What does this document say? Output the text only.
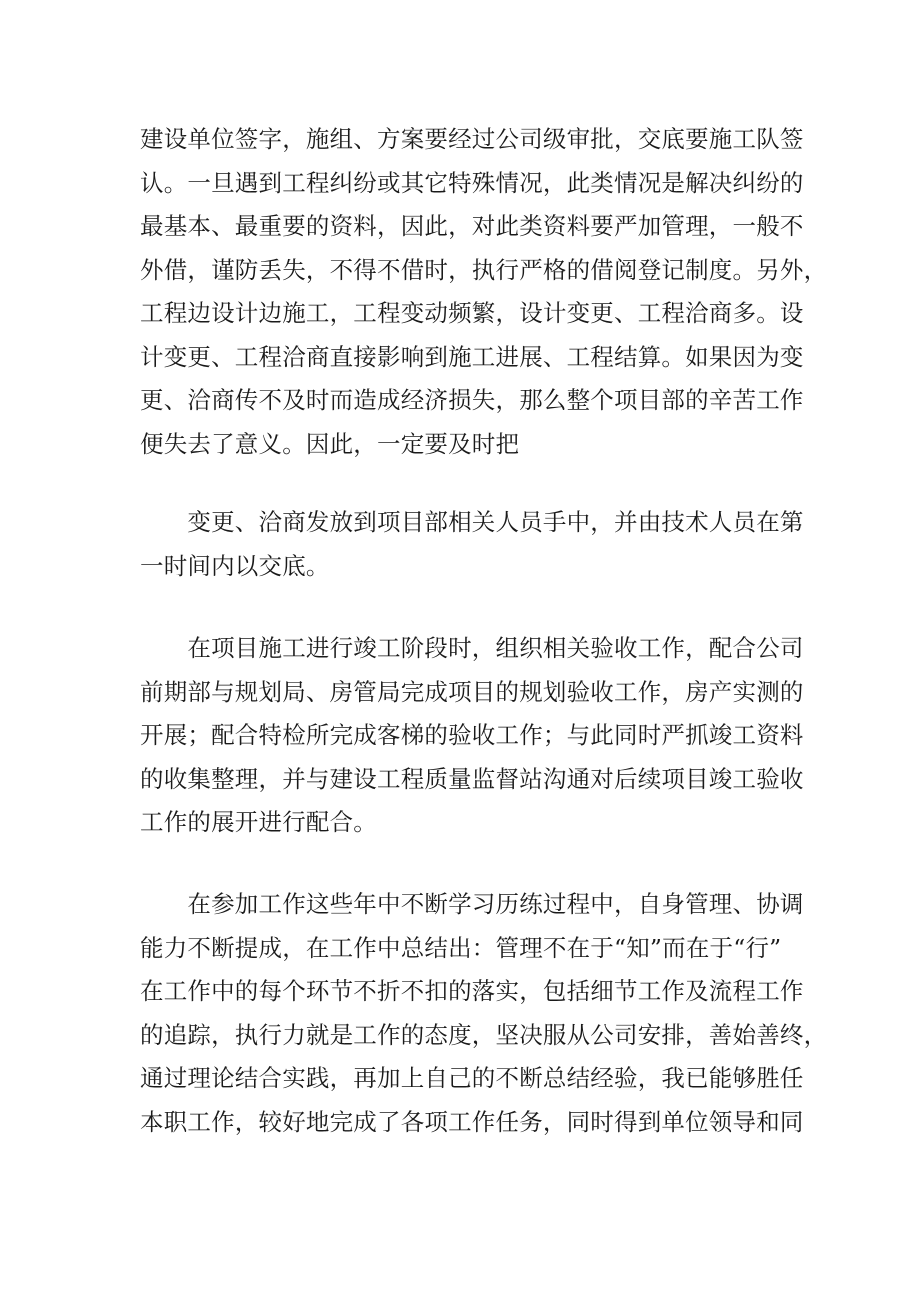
建设单位签字，施组、方案要经过公司级审批，交底要施工队签
认。一旦遇到工程纠纷或其它特殊情况，此类情况是解决纠纷的
最基本、最重要的资料，因此，对此类资料要严加管理，一般不
外借，谨防丢失，不得不借时，执行严格的借阅登记制度。另外，
工程边设计边施工，工程变动频繁，设计变更、工程洽商多。设
计变更、工程洽商直接影响到施工进展、工程结算。如果因为变
更、洽商传不及时而造成经济损失，那么整个项目部的辛苦工作
便失去了意义。因此，一定要及时把

　　变更、洽商发放到项目部相关人员手中，并由技术人员在第
一时间内以交底。

　　在项目施工进行竣工阶段时，组织相关验收工作，配合公司
前期部与规划局、房管局完成项目的规划验收工作，房产实测的
开展；配合特检所完成客梯的验收工作；与此同时严抓竣工资料
的收集整理，并与建设工程质量监督站沟通对后续项目竣工验收
工作的展开进行配合。

　　在参加工作这些年中不断学习历练过程中，自身管理、协调
能力不断提成，在工作中总结出：管理不在于“知”而在于“行”
在工作中的每个环节不折不扣的落实，包括细节工作及流程工作
的追踪，执行力就是工作的态度，坚决服从公司安排，善始善终，
通过理论结合实践，再加上自己的不断总结经验，我已能够胜任
本职工作，较好地完成了各项工作任务，同时得到单位领导和同
